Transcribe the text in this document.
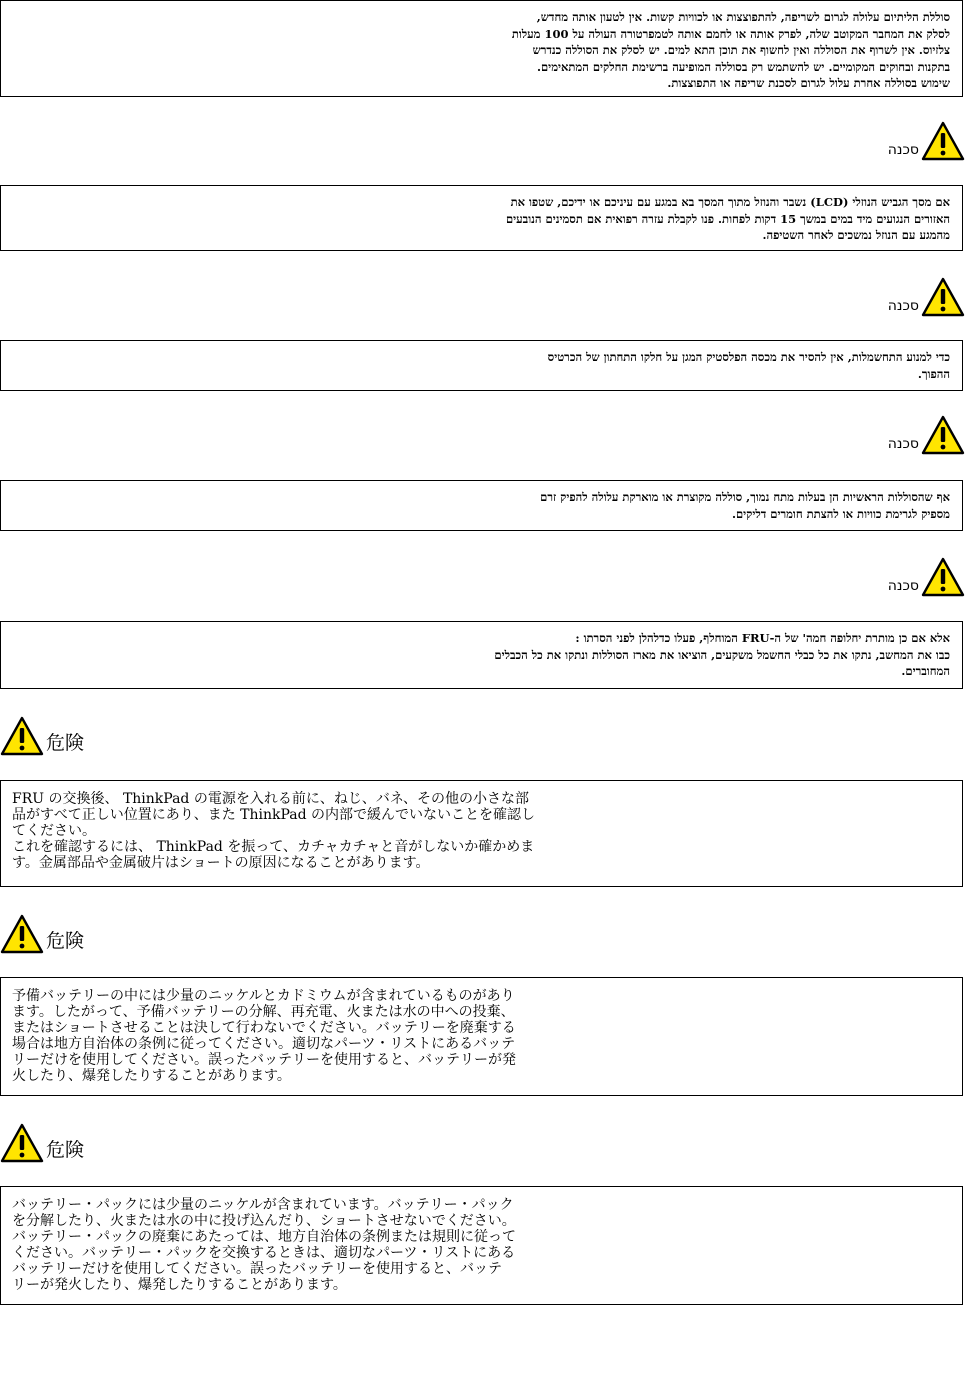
סוללת הליתיום עלולה לגרום לשריפה, להתפוצצות או לכוויות קשות. אין לטעון אותה מחדש,
לסלק את המחבר המקוטב שלה, לפרק אותה או לחמם אותה לטמפרטורה העולה על 100 מעלות
צלזיוס. אין לשרוף את הסוללה ואין לחשוף את תוכן התא למים. יש לסלק את הסוללה כנדרש
בתקנות ובחוקים המקומיים. יש להשתמש רק בסוללה המופיעה ברשימת החלקים המתאימים.
שימוש בסוללה אחרת עלול לגרום לסכנת שריפה או התפוצצות.
סכנה
אם מסך הגביש הנוזלי (LCD) נשבר והנוזל מתוך המסך בא במגע עם עיניכם או ידיכם, שטפו את
האזורים הנגועים מיד במים במשך 15 דקות לפחות. פנו לקבלת עזרה רפואית אם תסמינים הנובעים
מהמגע עם הנוזל נמשכים לאחר השטיפה.
סכנה
כדי למנוע התחשמלות, אין להסיר את מכסה הפלסטיק המגן על חלקו התחתון של הכרטיס
ההפוך.
סכנה
אף שהסוללות הראשיות הן בעלות מתח נמוך, סוללה מקוצרת או מוארקת עלולה להפיק זרם
מספיק לגרימת כוויות או להצתת חומרים דליקים.
סכנה
אלא אם כן מותרת יחלופה חמה' של ה-FRU המוחלף, פעלו כדלהלן לפני הסרתו :
כבו את המחשב, נתקו את כל כבלי החשמל משקעים, הוציאו את מארז הסוללות ונתקו את כל הכבלים
המחוברים.
危険
FRU の交換後、 ThinkPad の電源を入れる前に、ねじ、バネ、その他の小さな部
品がすべて正しい位置にあり、また ThinkPad の内部で緩んでいないことを確認し
てください。
これを確認するには、 ThinkPad を振って、カチャカチャと音がしないか確かめま
す。金属部品や金属破片はショートの原因になることがあります。
危険
予備バッテリーの中には少量のニッケルとカドミウムが含まれているものがあり
ます。したがって、予備バッテリーの分解、再充電、火または水の中への投棄、
またはショートさせることは決して行わないでください。バッテリーを廃棄する
場合は地方自治体の条例に従ってください。適切なパーツ・リストにあるバッテ
リーだけを使用してください。誤ったバッテリーを使用すると、バッテリーが発
火したり、爆発したりすることがあります。
危険
バッテリー・パックには少量のニッケルが含まれています。バッテリー・パック
を分解したり、火または水の中に投げ込んだり、ショートさせないでください。
バッテリー・パックの廃棄にあたっては、地方自治体の条例または規則に従って
ください。バッテリー・パックを交換するときは、適切なパーツ・リストにある
バッテリーだけを使用してください。誤ったバッテリーを使用すると、バッテ
リーが発火したり、爆発したりすることがあります。
